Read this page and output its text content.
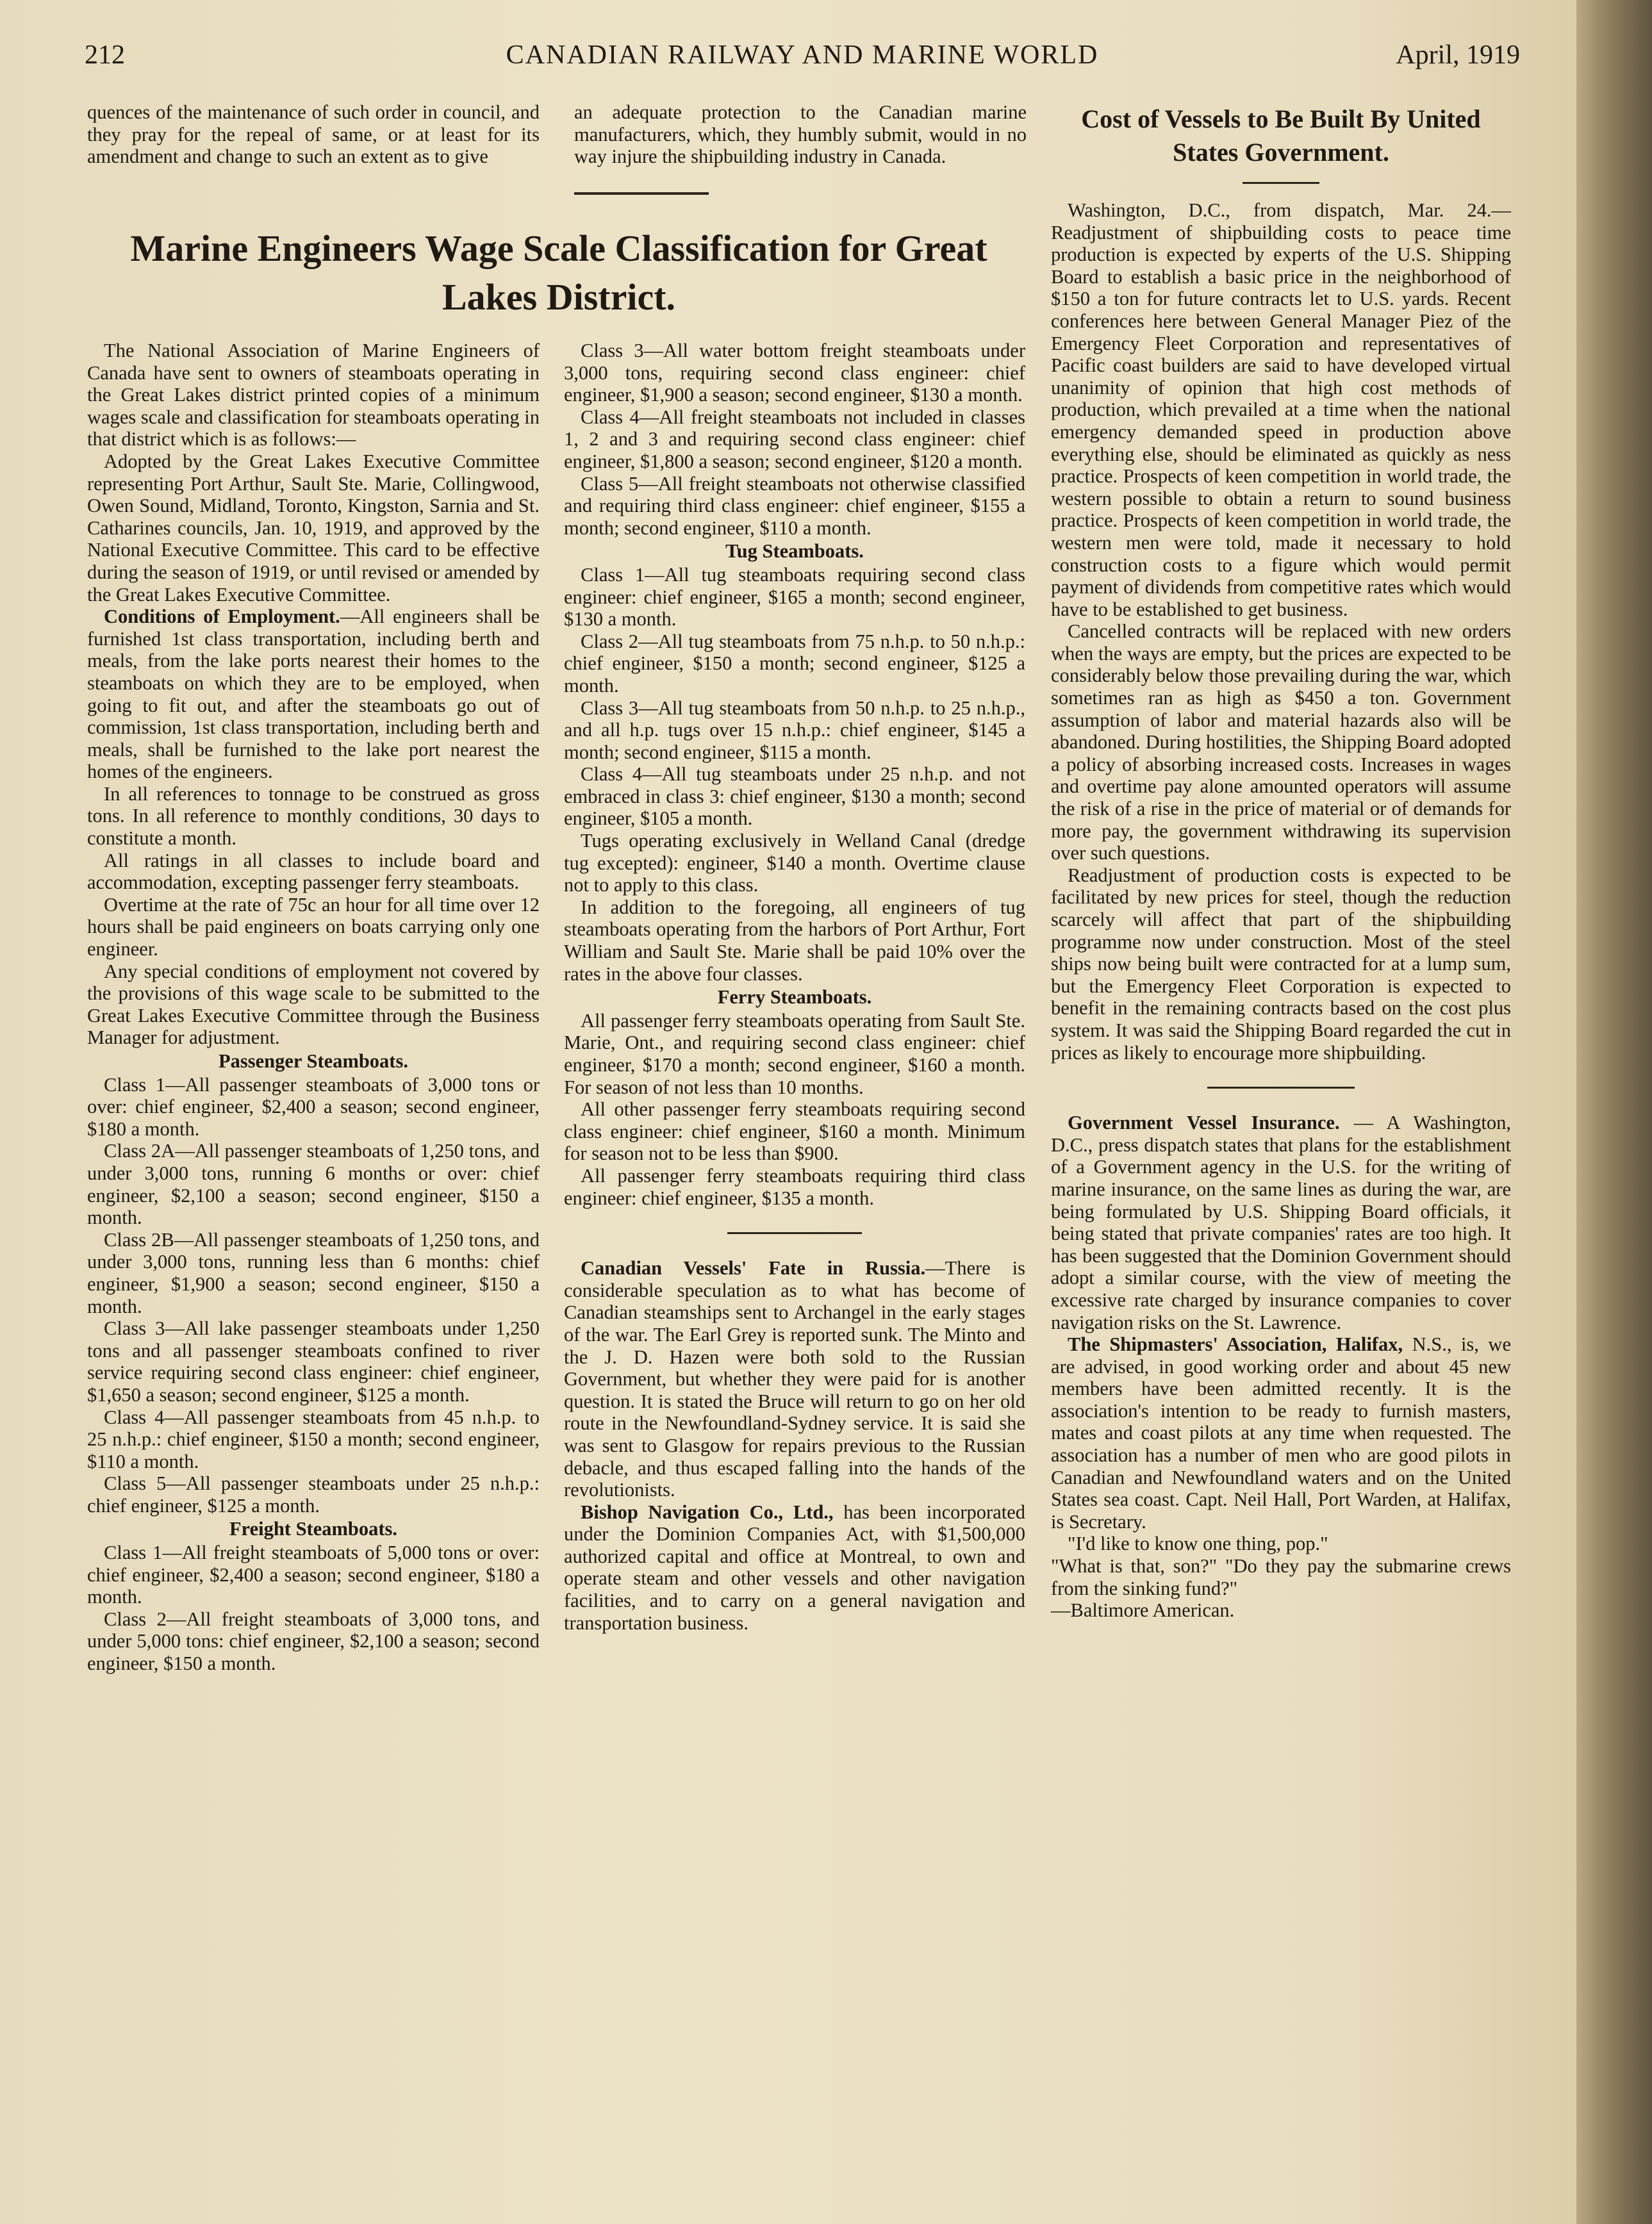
212	CANADIAN RAILWAY AND MARINE WORLD	April, 1919

quences of the maintenance of such order in council, and they pray for the repeal of same, or at least for its amendment and change to such an extent as to give

an adequate protection to the Canadian marine manufacturers, which, they humbly submit, would in no way injure the shipbuilding industry in Canada.

Marine Engineers Wage Scale Classification for Great Lakes District.

The National Association of Marine Engineers of Canada have sent to owners of steamboats operating in the Great Lakes district printed copies of a minimum wages scale and classification for steamboats operating in that district which is as follows:—

Adopted by the Great Lakes Executive Committee representing Port Arthur, Sault Ste. Marie, Collingwood, Owen Sound, Midland, Toronto, Kingston, Sarnia and St. Catharines councils, Jan. 10, 1919, and approved by the National Executive Committee. This card to be effective during the season of 1919, or until revised or amended by the Great Lakes Executive Committee.

Conditions of Employment.—All engineers shall be furnished 1st class transportation, including berth and meals, from the lake ports nearest their homes to the steamboats on which they are to be employed, when going to fit out, and after the steamboats go out of commission, 1st class transportation, including berth and meals, shall be furnished to the lake port nearest the homes of the engineers.

In all references to tonnage to be construed as gross tons. In all reference to monthly conditions, 30 days to constitute a month.

All ratings in all classes to include board and accommodation, excepting passenger ferry steamboats.

Overtime at the rate of 75c an hour for all time over 12 hours shall be paid engineers on boats carrying only one engineer.

Any special conditions of employment not covered by the provisions of this wage scale to be submitted to the Great Lakes Executive Committee through the Business Manager for adjustment.

Passenger Steamboats.

Class 1—All passenger steamboats of 3,000 tons or over: chief engineer, $2,400 a season; second engineer, $180 a month.

Class 2A—All passenger steamboats of 1,250 tons, and under 3,000 tons, running 6 months or over: chief engineer, $2,100 a season; second engineer, $150 a month.

Class 2B—All passenger steamboats of 1,250 tons, and under 3,000 tons, running less than 6 months: chief engineer, $1,900 a season; second engineer, $150 a month.

Class 3—All lake passenger steamboats under 1,250 tons and all passenger steamboats confined to river service requiring second class engineer: chief engineer, $1,650 a season; second engineer, $125 a month.

Class 4—All passenger steamboats from 45 n.h.p. to 25 n.h.p.: chief engineer, $150 a month; second engineer, $110 a month.

Class 5—All passenger steamboats under 25 n.h.p.: chief engineer, $125 a month.

Freight Steamboats.

Class 1—All freight steamboats of 5,000 tons or over: chief engineer, $2,400 a season; second engineer, $180 a month.

Class 2—All freight steamboats of 3,000 tons, and under 5,000 tons: chief engineer, $2,100 a season; second engineer, $150 a month.

Class 3—All water bottom freight steamboats under 3,000 tons, requiring second class engineer: chief engineer, $1,900 a season; second engineer, $130 a month.

Class 4—All freight steamboats not included in classes 1, 2 and 3 and requiring second class engineer: chief engineer, $1,800 a season; second engineer, $120 a month.

Class 5—All freight steamboats not otherwise classified and requiring third class engineer: chief engineer, $155 a month; second engineer, $110 a month.

Tug Steamboats.

Class 1—All tug steamboats requiring second class engineer: chief engineer, $165 a month; second engineer, $130 a month.

Class 2—All tug steamboats from 75 n.h.p. to 50 n.h.p.: chief engineer, $150 a month; second engineer, $125 a month.

Class 3—All tug steamboats from 50 n.h.p. to 25 n.h.p., and all h.p. tugs over 15 n.h.p.: chief engineer, $145 a month; second engineer, $115 a month.

Class 4—All tug steamboats under 25 n.h.p. and not embraced in class 3: chief engineer, $130 a month; second engineer, $105 a month.

Tugs operating exclusively in Welland Canal (dredge tug excepted): engineer, $140 a month. Overtime clause not to apply to this class.

In addition to the foregoing, all engineers of tug steamboats operating from the harbors of Port Arthur, Fort William and Sault Ste. Marie shall be paid 10% over the rates in the above four classes.

Ferry Steamboats.

All passenger ferry steamboats operating from Sault Ste. Marie, Ont., and requiring second class engineer: chief engineer, $170 a month; second engineer, $160 a month. For season of not less than 10 months.

All other passenger ferry steamboats requiring second class engineer: chief engineer, $160 a month. Minimum for season not to be less than $900.

All passenger ferry steamboats requiring third class engineer: chief engineer, $135 a month.

Canadian Vessels' Fate in Russia.—There is considerable speculation as to what has become of Canadian steamships sent to Archangel in the early stages of the war. The Earl Grey is reported sunk. The Minto and the J. D. Hazen were both sold to the Russian Government, but whether they were paid for is another question. It is stated the Bruce will return to go on her old route in the Newfoundland-Sydney service. It is said she was sent to Glasgow for repairs previous to the Russian debacle, and thus escaped falling into the hands of the revolutionists.

Bishop Navigation Co., Ltd., has been incorporated under the Dominion Companies Act, with $1,500,000 authorized capital and office at Montreal, to own and operate steam and other vessels and other navigation facilities, and to carry on a general navigation and transportation business.

Cost of Vessels to Be Built By United States Government.

Washington, D.C., from dispatch, Mar. 24.—Readjustment of shipbuilding costs to peace time production is expected by experts of the U.S. Shipping Board to establish a basic price in the neighborhood of $150 a ton for future contracts let to U.S. yards. Recent conferences here between General Manager Piez of the Emergency Fleet Corporation and representatives of Pacific coast builders are said to have developed virtual unanimity of opinion that high cost methods of production, which prevailed at a time when the national emergency demanded speed in production above everything else, should be eliminated as quickly as ness practice. Prospects of keen competition in world trade, the western possible to obtain a return to sound business practice. Prospects of keen competition in world trade, the western men were told, made it necessary to hold construction costs to a figure which would permit payment of dividends from competitive rates which would have to be established to get business.

Cancelled contracts will be replaced with new orders when the ways are empty, but the prices are expected to be considerably below those prevailing during the war, which sometimes ran as high as $450 a ton. Government assumption of labor and material hazards also will be abandoned. During hostilities, the Shipping Board adopted a policy of absorbing increased costs. Increases in wages and overtime pay alone amounted operators will assume the risk of a rise in the price of material or of demands for more pay, the government withdrawing its supervision over such questions.

Readjustment of production costs is expected to be facilitated by new prices for steel, though the reduction scarcely will affect that part of the shipbuilding programme now under construction. Most of the steel ships now being built were contracted for at a lump sum, but the Emergency Fleet Corporation is expected to benefit in the remaining contracts based on the cost plus system. It was said the Shipping Board regarded the cut in prices as likely to encourage more shipbuilding.

Government Vessel Insurance. — A Washington, D.C., press dispatch states that plans for the establishment of a Government agency in the U.S. for the writing of marine insurance, on the same lines as during the war, are being formulated by U.S. Shipping Board officials, it being stated that private companies' rates are too high. It has been suggested that the Dominion Government should adopt a similar course, with the view of meeting the excessive rate charged by insurance companies to cover navigation risks on the St. Lawrence.

The Shipmasters' Association, Halifax, N.S., is, we are advised, in good working order and about 45 new members have been admitted recently. It is the association's intention to be ready to furnish masters, mates and coast pilots at any time when requested. The association has a number of men who are good pilots in Canadian and Newfoundland waters and on the United States sea coast. Capt. Neil Hall, Port Warden, at Halifax, is Secretary.

"I'd like to know one thing, pop."

"What is that, son?" "Do they pay the submarine crews from the sinking fund?"

—Baltimore American.
